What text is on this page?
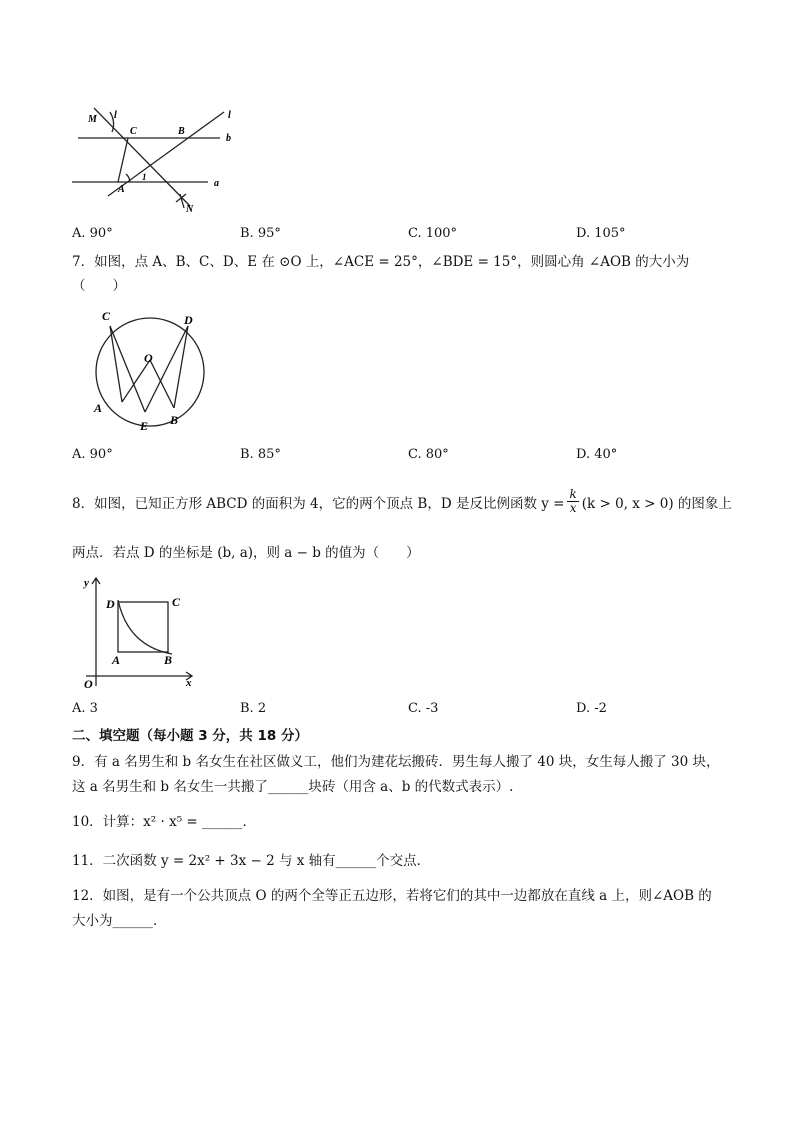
M l	l
C	B
b
A
1
a
N
A. 90°	B. 95°	C. 100°	D. 105°
7．如图，点 A、B、C、D、E 在 ⊙O 上，∠ACE = 25°，∠BDE = 15°，则圆心角 ∠AOB 的大小为
（　　）
C	D
O
A
E B
A. 90°	B. 85°	C. 80°	D. 40°
8．如图，已知正方形 ABCD 的面积为 4，它的两个顶点 B，D 是反比例函数 $y = \frac{k}{x} (k > 0$, x > 0) 的图象上
两点．若点 D 的坐标是 (b, a)，则 a − b 的值为（　　）
y
D	C
A	B
O	x
A. 3	B. 2	C. -3	D. -2
二、填空题（每小题 3 分，共 18 分）
9．有 a 名男生和 b 名女生在社区做义工，他们为建花坛搬砖．男生每人搬了 40 块，女生每人搬了 30 块，
这 a 名男生和 b 名女生一共搬了______块砖（用含 a、b 的代数式表示）.
10．计算：x² · x⁵ = ______．
11．二次函数 y = 2x² + 3x − 2 与 x 轴有______个交点．
12．如图，是有一个公共顶点 O 的两个全等正五边形，若将它们的其中一边都放在直线 a 上，则∠AOB 的
大小为______．
